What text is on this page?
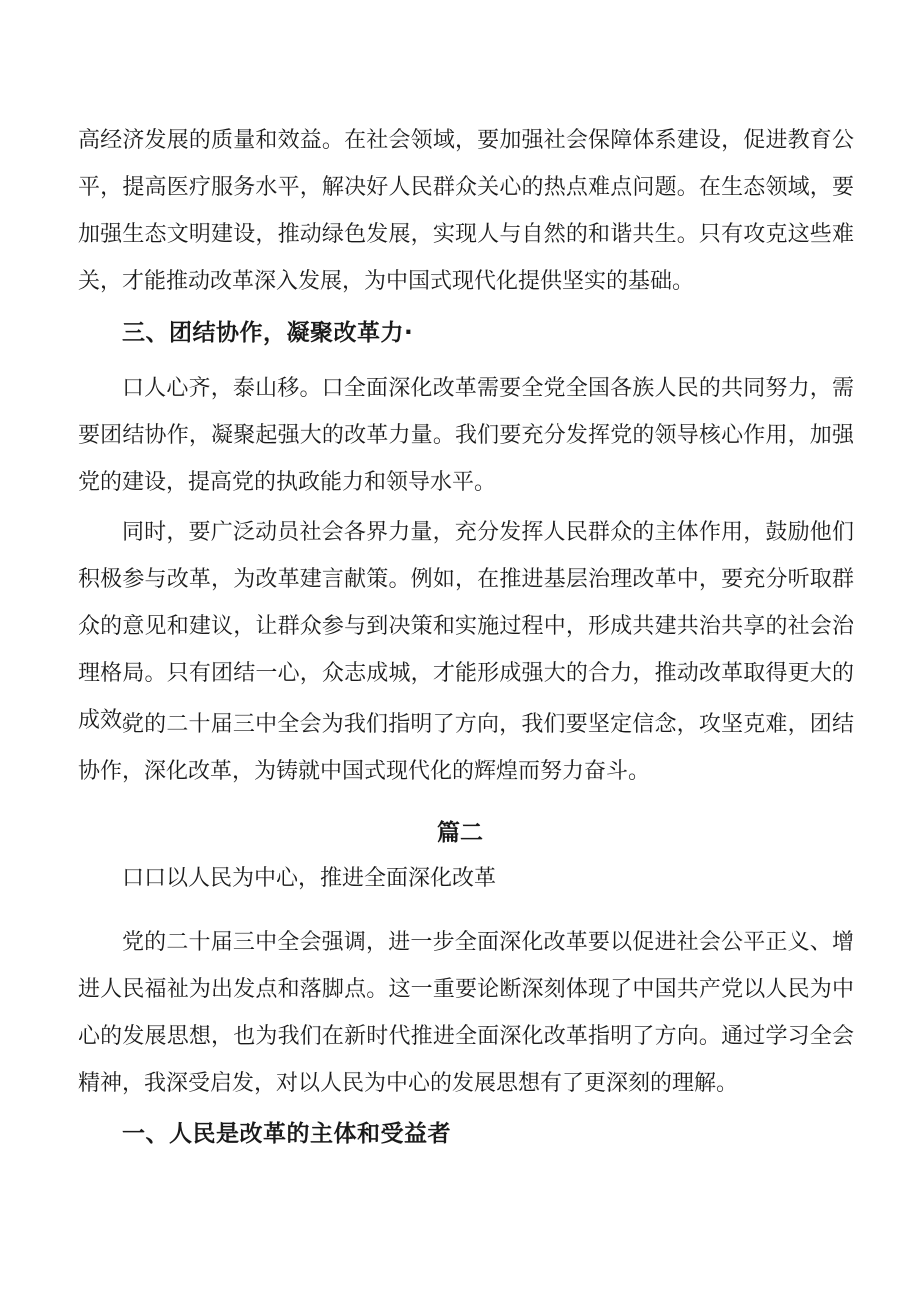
高经济发展的质量和效益。在社会领域，要加强社会保障体系建设，促进教育公平，提高医疗服务水平，解决好人民群众关心的热点难点问题。在生态领域，要加强生态文明建设，推动绿色发展，实现人与自然的和谐共生。只有攻克这些难关，才能推动改革深入发展，为中国式现代化提供坚实的基础。

三、团结协作，凝聚改革力·

口人心齐，泰山移。口全面深化改革需要全党全国各族人民的共同努力，需要团结协作，凝聚起强大的改革力量。我们要充分发挥党的领导核心作用，加强党的建设，提高党的执政能力和领导水平。

同时，要广泛动员社会各界力量，充分发挥人民群众的主体作用，鼓励他们积极参与改革，为改革建言献策。例如，在推进基层治理改革中，要充分听取群众的意见和建议，让群众参与到决策和实施过程中，形成共建共治共享的社会治理格局。只有团结一心，众志成城，才能形成强大的合力，推动改革取得更大的成效。

党的二十届三中全会为我们指明了方向，我们要坚定信念，攻坚克难，团结协作，深化改革，为铸就中国式现代化的辉煌而努力奋斗。

篇二

口口以人民为中心，推进全面深化改革

党的二十届三中全会强调，进一步全面深化改革要以促进社会公平正义、增进人民福祉为出发点和落脚点。这一重要论断深刻体现了中国共产党以人民为中心的发展思想，也为我们在新时代推进全面深化改革指明了方向。通过学习全会精神，我深受启发，对以人民为中心的发展思想有了更深刻的理解。

一、人民是改革的主体和受益者
